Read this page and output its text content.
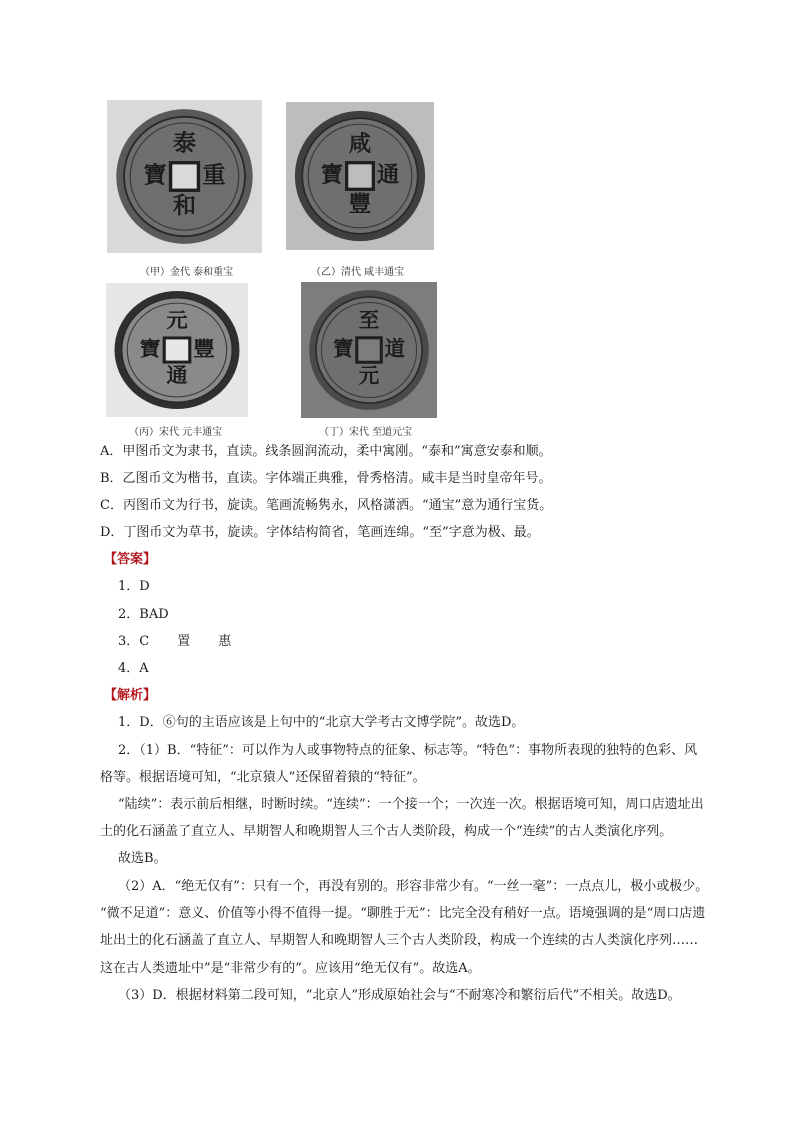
泰
重
和
寶
（甲）金代 泰和重宝
咸
通
豐
寶
（乙）清代 咸丰通宝
元
豐
通
寶
（丙）宋代 元丰通宝
至
道
元
寶
（丁）宋代 至道元宝
A．甲图币文为隶书，直读。线条圆润流动，柔中寓刚。“泰和”寓意安泰和顺。
B．乙图币文为楷书，直读。字体端正典雅，骨秀格清。咸丰是当时皇帝年号。
C．丙图币文为行书，旋读。笔画流畅隽永，风格潇洒。“通宝”意为通行宝货。
D．丁图币文为草书，旋读。字体结构简省，笔画连绵。“至”字意为极、最。
【答案】
1．D
2．BAD
3．C 置 惠
4．A
【解析】
1．D．⑥句的主语应该是上句中的“北京大学考古文博学院”。故选D。
2．（1）B．“特征”：可以作为人或事物特点的征象、标志等。“特色”：事物所表现的独特的色彩、风
格等。根据语境可知，“北京猿人”还保留着猿的“特征”。
“陆续”：表示前后相继，时断时续。“连续”：一个接一个；一次连一次。根据语境可知，周口店遗址出
土的化石涵盖了直立人、早期智人和晚期智人三个古人类阶段，构成一个“连续”的古人类演化序列。
故选B。
（2）A．“绝无仅有”：只有一个，再没有别的。形容非常少有。“一丝一毫”：一点点儿，极小或极少。
“微不足道”：意义、价值等小得不值得一提。“聊胜于无”：比完全没有稍好一点。语境强调的是“周口店遗
址出土的化石涵盖了直立人、早期智人和晚期智人三个古人类阶段，构成一个连续的古人类演化序列……
这在古人类遗址中”是“非常少有的”。应该用“绝无仅有”。故选A。
（3）D．根据材料第二段可知，“北京人”形成原始社会与“不耐寒冷和繁衍后代”不相关。故选D。
